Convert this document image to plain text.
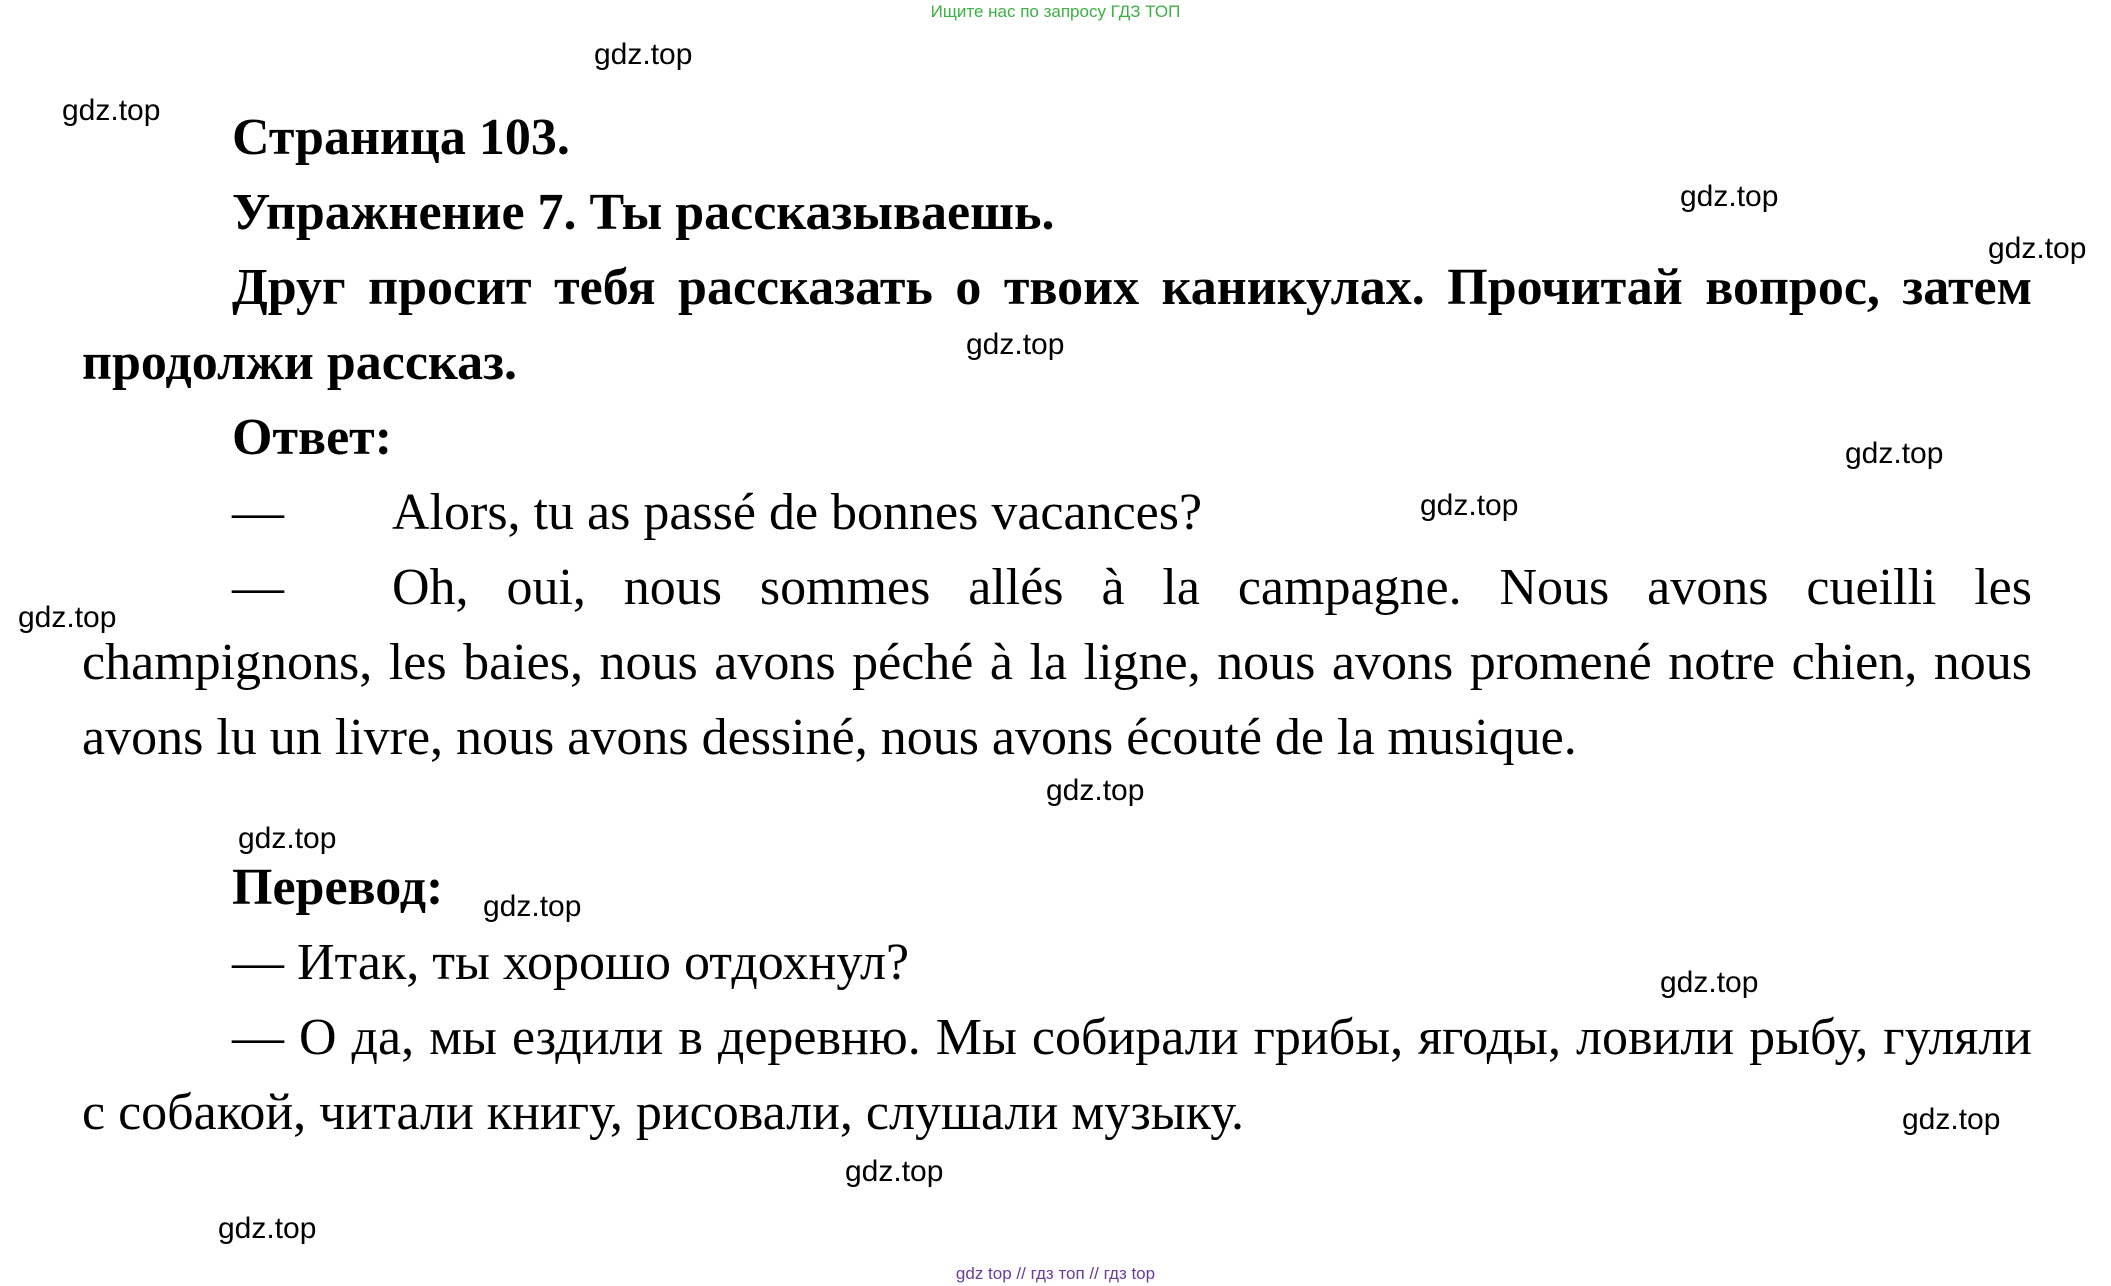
Ищите нас по запросу ГДЗ ТОП

Страница 103.

Упражнение 7. Ты рассказываешь.

Друг просит тебя рассказать о твоих каникулах. Прочитай вопрос, затем продолжи рассказ.

Ответ:

— Alors, tu as passé de bonnes vacances?

— Oh, oui, nous sommes allés à la campagne. Nous avons cueilli les champignons, les baies, nous avons péché à la ligne, nous avons promené notre chien, nous avons lu un livre, nous avons dessiné, nous avons écouté de la musique.

Перевод:

— Итак, ты хорошо отдохнул?

— О да, мы ездили в деревню. Мы собирали грибы, ягоды, ловили рыбу, гуляли с собакой, читали книгу, рисовали, слушали музыку.

gdz.top
gdz.top
gdz.top
gdz.top
gdz.top
gdz.top
gdz.top
gdz.top
gdz.top
gdz.top
gdz.top
gdz.top
gdz.top
gdz.top
gdz.top
gdz top // гдз топ // гдз top
